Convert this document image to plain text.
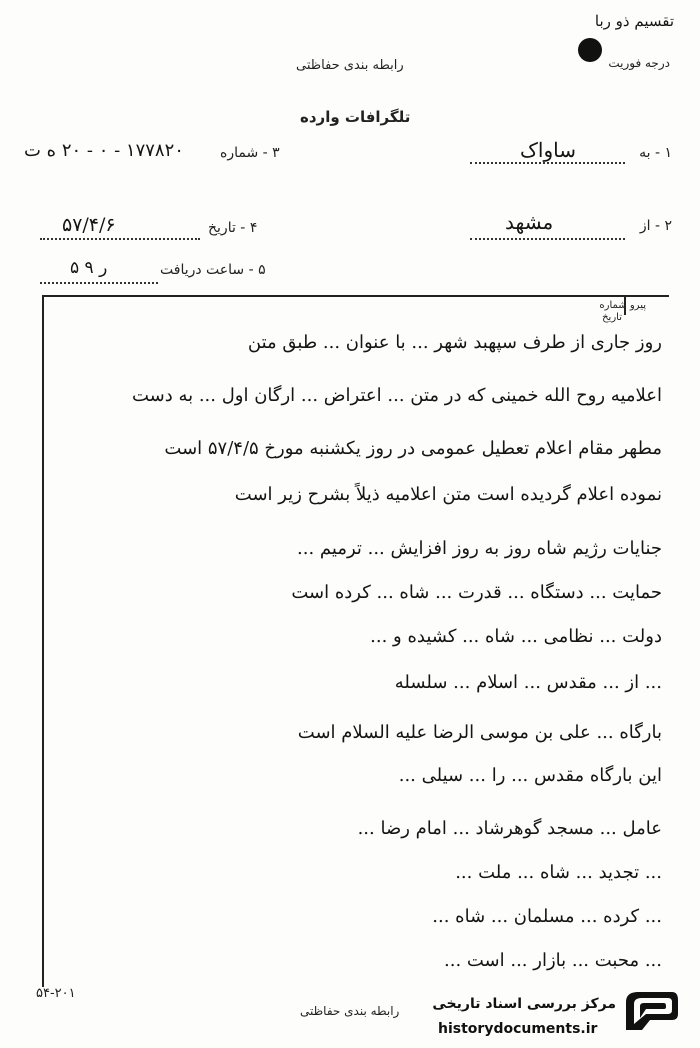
تقسیم ذو ربا
درجه فوریت
رابطه بندی حفاظتی
تلگرافات وارده
۱ - به
ساواک
۳ - شماره
۱۷۷۸۲۰ - ۰ - ۲۰ ه ت
۲ - از
مشهد
۴ - تاریخ
۵۷/۴/۶
۵ - ساعت دریافت
۵ ر ۹
پیرو شماره
تاریخ
روز جاری از طرف سپهبد شهر ... با عنوان ... طبق متن
اعلامیه روح الله خمینی که در متن ... اعتراض ... ارگان اول ... به دست
مطهر مقام اعلام تعطیل عمومی در روز یکشنبه مورخ ۵۷/۴/۵ است
نموده اعلام گردیده است متن اعلامیه ذیلاً بشرح زیر است
جنایات رژیم شاه روز به روز افزایش ... ترمیم ...
حمایت ... دستگاه ... قدرت ... شاه ... کرده است
دولت ... نظامی ... شاه ... کشیده و ...
... از ... مقدس ... اسلام ... سلسله
بارگاه ... علی بن موسی الرضا علیه السلام است
این بارگاه مقدس ... را ... سیلی ...
عامل ... مسجد گوهرشاد ... امام رضا ...
... تجدید ... شاه ... ملت ...
... کرده ... مسلمان ... شاه ...
... محبت ... بازار ... است ...
۵۴-۲۰۱
رابطه بندی حفاظتی مرکز بررسی اسناد تاریخی
historydocuments.ir
